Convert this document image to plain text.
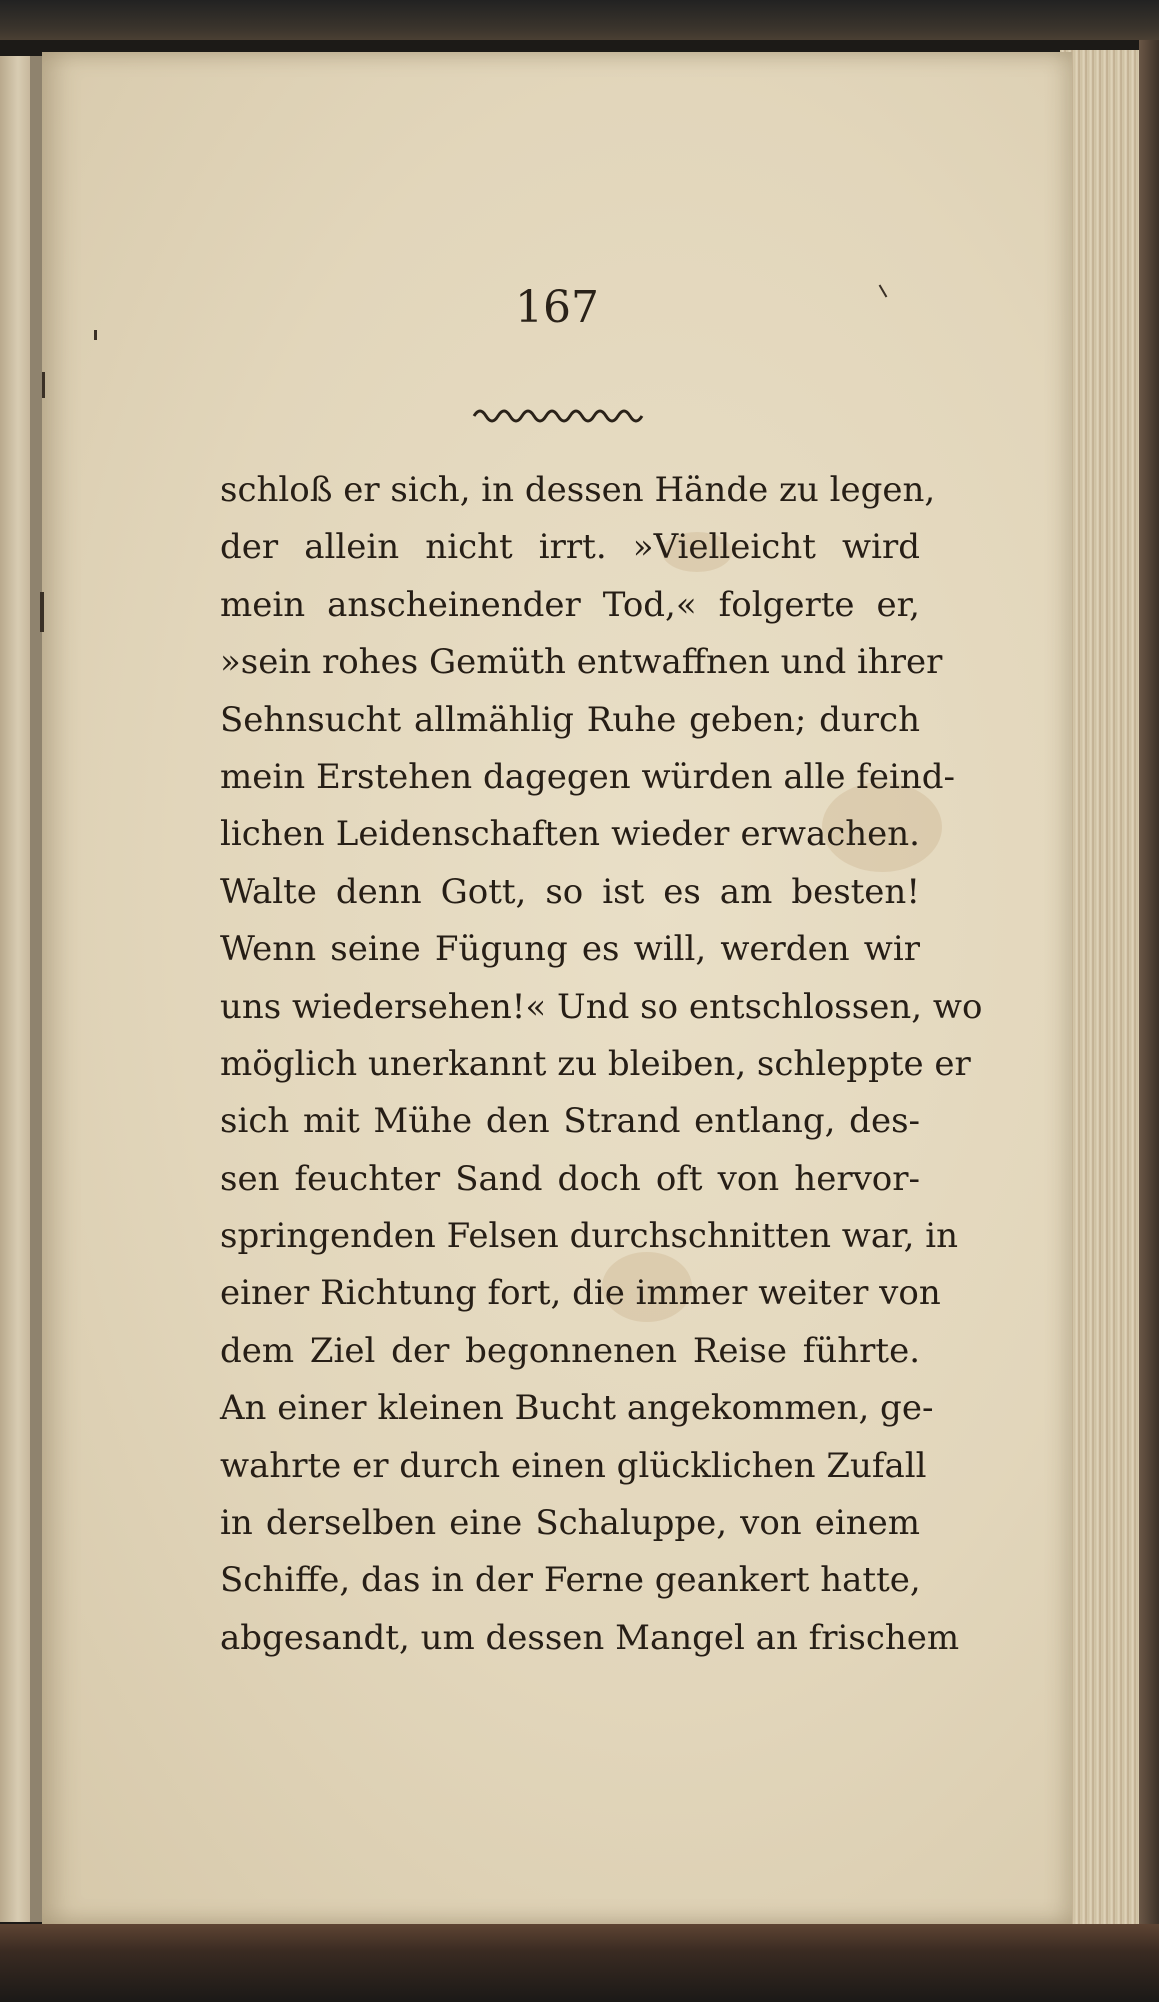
167

schloß er sich, in dessen Hände zu legen,
der allein nicht irrt. »Vielleicht wird
mein anscheinender Tod,« folgerte er,
»sein rohes Gemüth entwaffnen und ihrer
Sehnsucht allmählig Ruhe geben; durch
mein Erstehen dagegen würden alle feind-
lichen Leidenschaften wieder erwachen.
Walte denn Gott, so ist es am besten!
Wenn seine Fügung es will, werden wir
uns wiedersehen!« Und so entschlossen, wo
möglich unerkannt zu bleiben, schleppte er
sich mit Mühe den Strand entlang, des-
sen feuchter Sand doch oft von hervor-
springenden Felsen durchschnitten war, in
einer Richtung fort, die immer weiter von
dem Ziel der begonnenen Reise führte.
An einer kleinen Bucht angekommen, ge-
wahrte er durch einen glücklichen Zufall
in derselben eine Schaluppe, von einem
Schiffe, das in der Ferne geankert hatte,
abgesandt, um dessen Mangel an frischem
